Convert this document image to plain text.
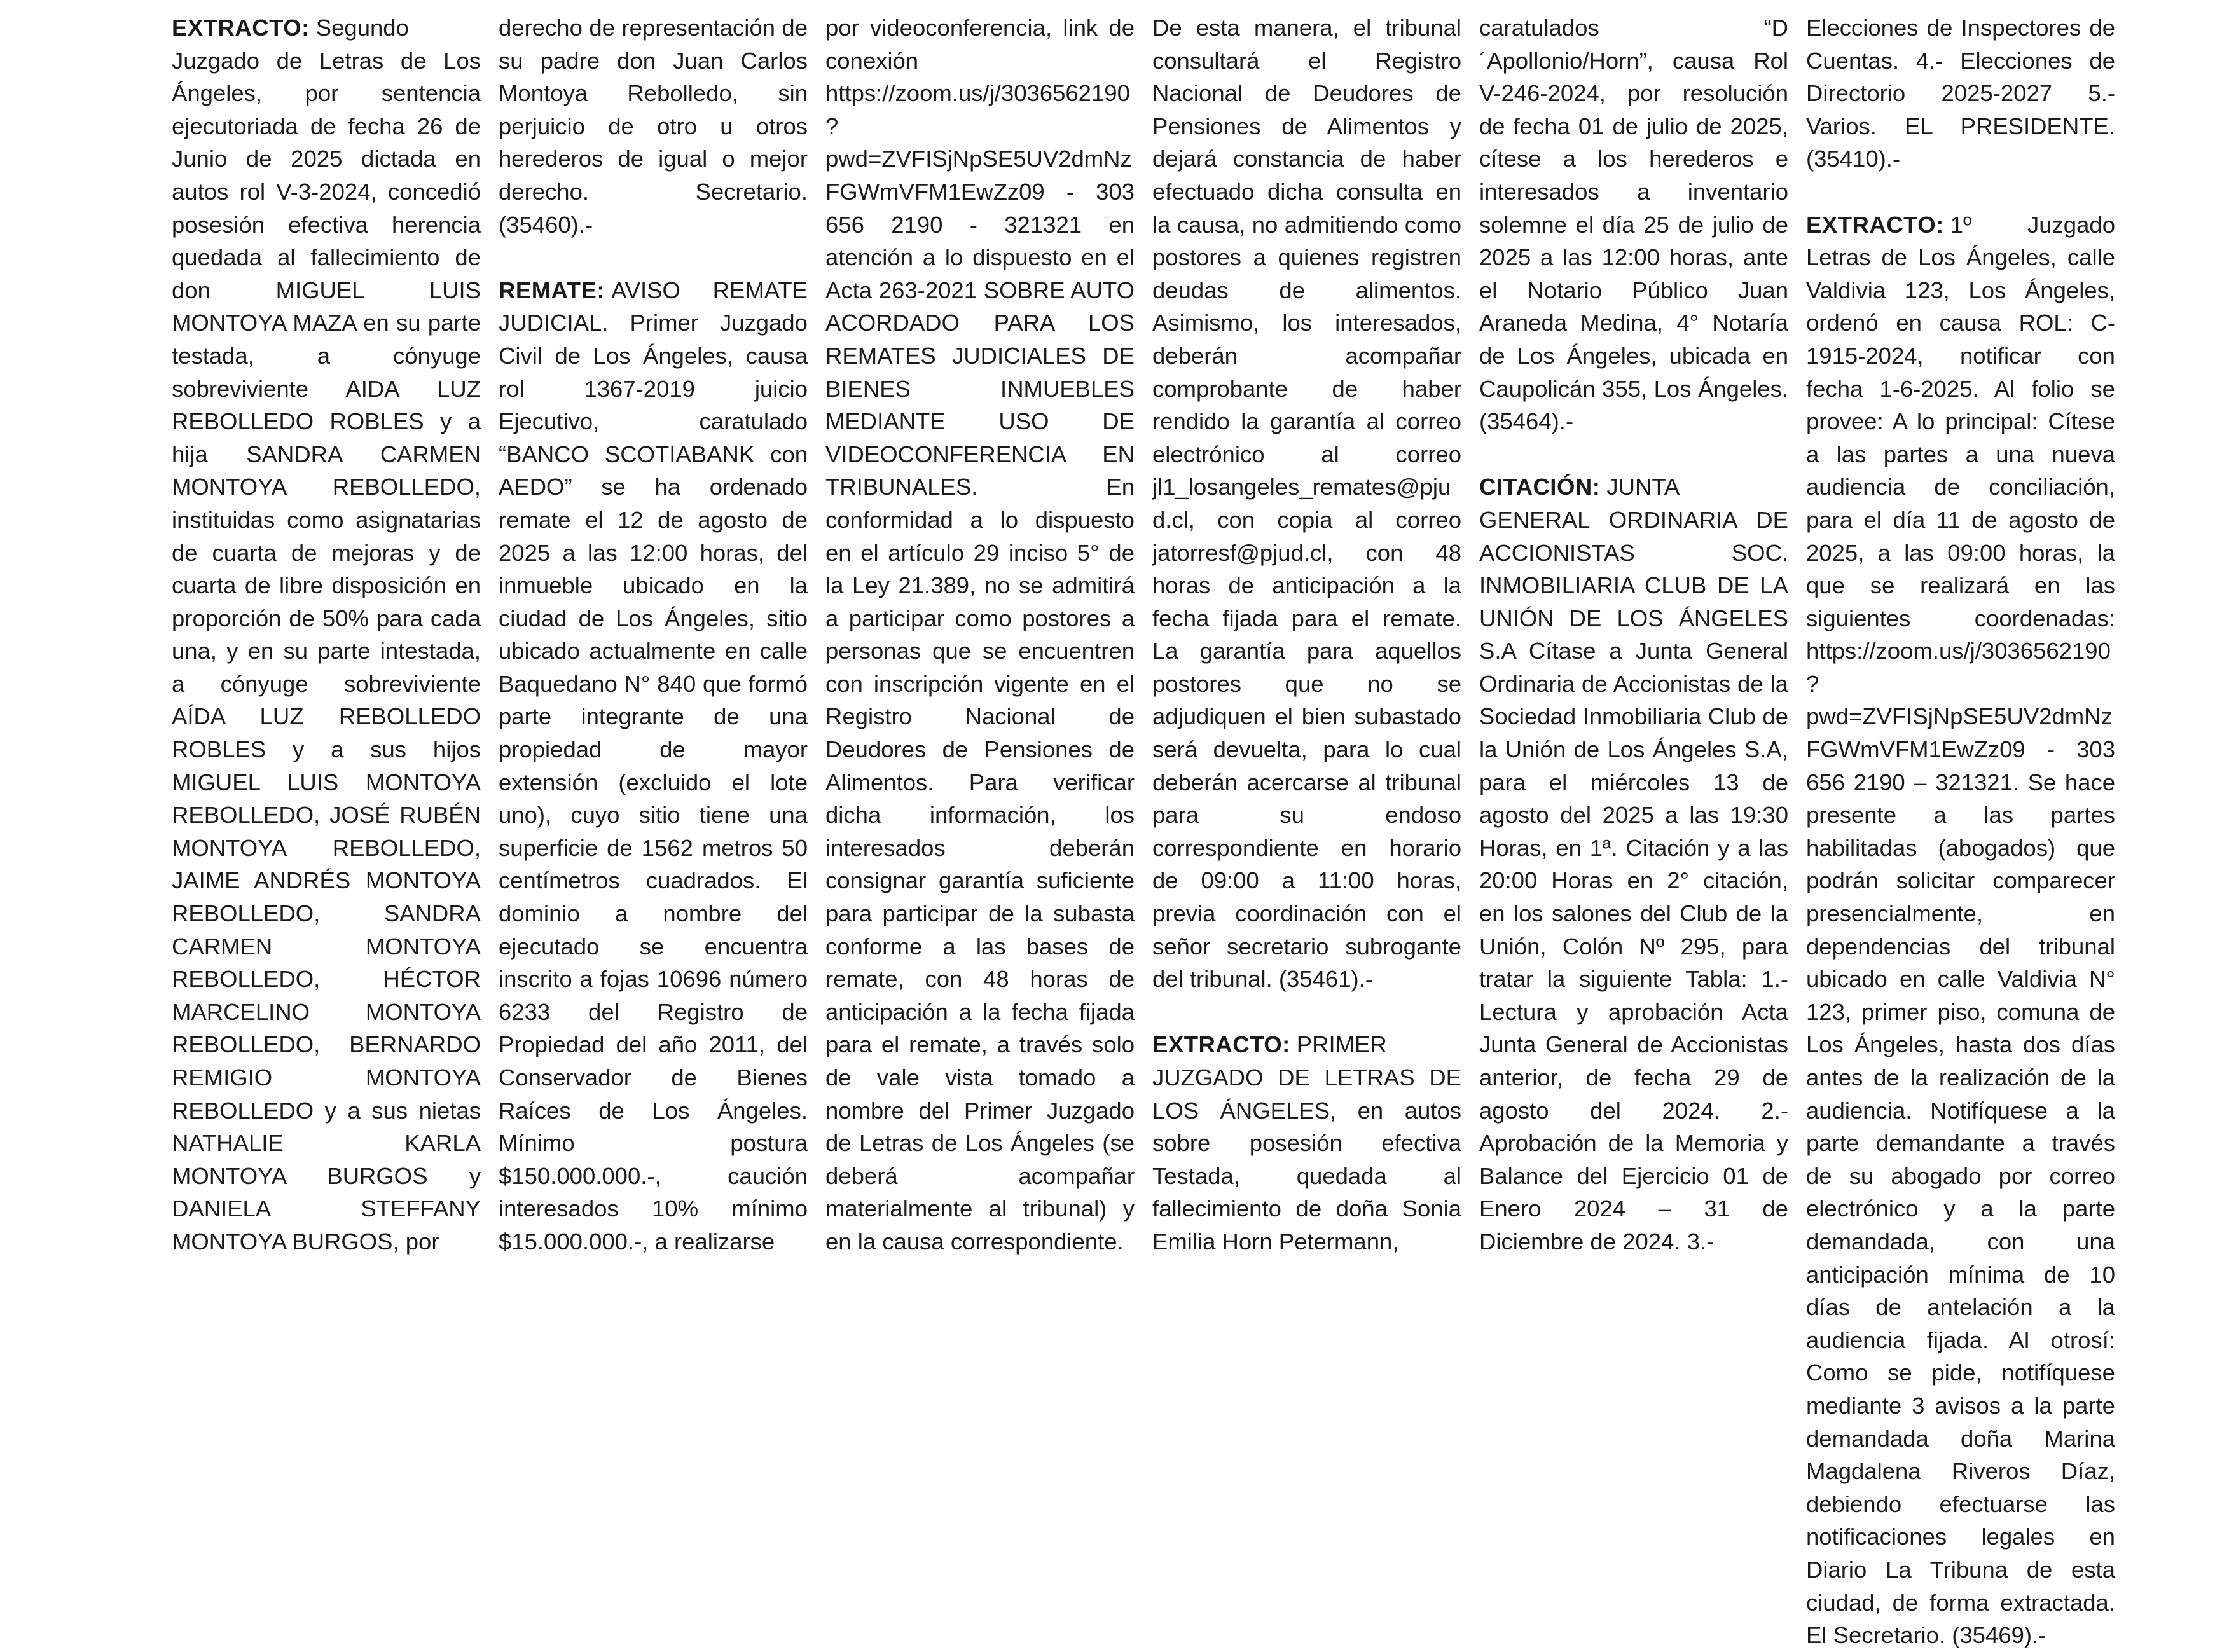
EXTRACTO: Segundo Juzgado de Letras de Los Ángeles, por sentencia ejecutoriada de fecha 26 de Junio de 2025 dictada en autos rol V-3-2024, concedió posesión efectiva herencia quedada al fallecimiento de don MIGUEL LUIS MONTOYA MAZA en su parte testada, a cónyuge sobreviviente AIDA LUZ REBOLLEDO ROBLES y a hija SANDRA CARMEN MONTOYA REBOLLEDO, instituidas como asignatarias de cuarta de mejoras y de cuarta de libre disposición en proporción de 50% para cada una, y en su parte intestada, a cónyuge sobreviviente AÍDA LUZ REBOLLEDO ROBLES y a sus hijos MIGUEL LUIS MONTOYA REBOLLEDO, JOSÉ RUBÉN MONTOYA REBOLLEDO, JAIME ANDRÉS MONTOYA REBOLLEDO, SANDRA CARMEN MONTOYA REBOLLEDO, HÉCTOR MARCELINO MONTOYA REBOLLEDO, BERNARDO REMIGIO MONTOYA REBOLLEDO y a sus nietas NATHALIE KARLA MONTOYA BURGOS y DANIELA STEFFANY MONTOYA BURGOS, por

derecho de representación de su padre don Juan Carlos Montoya Rebolledo, sin perjuicio de otro u otros herederos de igual o mejor derecho. Secretario. (35460).-

REMATE: AVISO REMATE JUDICIAL. Primer Juzgado Civil de Los Ángeles, causa rol 1367-2019 juicio Ejecutivo, caratulado “BANCO SCOTIABANK con AEDO” se ha ordenado remate el 12 de agosto de 2025 a las 12:00 horas, del inmueble ubicado en la ciudad de Los Ángeles, sitio ubicado actualmente en calle Baquedano N° 840 que formó parte integrante de una propiedad de mayor extensión (excluido el lote uno), cuyo sitio tiene una superficie de 1562 metros 50 centímetros cuadrados. El dominio a nombre del ejecutado se encuentra inscrito a fojas 10696 número 6233 del Registro de Propiedad del año 2011, del Conservador de Bienes Raíces de Los Ángeles. Mínimo postura $150.000.000.-, caución interesados 10% mínimo $15.000.000.-, a realizarse

por videoconferencia, link de conexión https://zoom.us/j/3036562190?pwd=ZVFISjNpSE5UV2dmNzFGWmVFM1EwZz09 - 303 656 2190 - 321321 en atención a lo dispuesto en el Acta 263-2021 SOBRE AUTO ACORDADO PARA LOS REMATES JUDICIALES DE BIENES INMUEBLES MEDIANTE USO DE VIDEOCONFERENCIA EN TRIBUNALES. En conformidad a lo dispuesto en el artículo 29 inciso 5° de la Ley 21.389, no se admitirá a participar como postores a personas que se encuentren con inscripción vigente en el Registro Nacional de Deudores de Pensiones de Alimentos. Para verificar dicha información, los interesados deberán consignar garantía suficiente para participar de la subasta conforme a las bases de remate, con 48 horas de anticipación a la fecha fijada para el remate, a través solo de vale vista tomado a nombre del Primer Juzgado de Letras de Los Ángeles (se deberá acompañar materialmente al tribunal) y en la causa correspondiente.

De esta manera, el tribunal consultará el Registro Nacional de Deudores de Pensiones de Alimentos y dejará constancia de haber efectuado dicha consulta en la causa, no admitiendo como postores a quienes registren deudas de alimentos. Asimismo, los interesados, deberán acompañar comprobante de haber rendido la garantía al correo electrónico al correo jl1_losangeles_remates@pjud.cl, con copia al correo jatorresf@pjud.cl, con 48 horas de anticipación a la fecha fijada para el remate. La garantía para aquellos postores que no se adjudiquen el bien subastado será devuelta, para lo cual deberán acercarse al tribunal para su endoso correspondiente en horario de 09:00 a 11:00 horas, previa coordinación con el señor secretario subrogante del tribunal. (35461).-

EXTRACTO: PRIMER JUZGADO DE LETRAS DE LOS ÁNGELES, en autos sobre posesión efectiva Testada, quedada al fallecimiento de doña Sonia Emilia Horn Petermann,

caratulados “D´Apollonio/Horn”, causa Rol V-246-2024, por resolución de fecha 01 de julio de 2025, cítese a los herederos e interesados a inventario solemne el día 25 de julio de 2025 a las 12:00 horas, ante el Notario Público Juan Araneda Medina, 4° Notaría de Los Ángeles, ubicada en Caupolicán 355, Los Ángeles. (35464).-

CITACIÓN: JUNTA GENERAL ORDINARIA DE ACCIONISTAS SOC. INMOBILIARIA CLUB DE LA UNIÓN DE LOS ÁNGELES S.A Cítase a Junta General Ordinaria de Accionistas de la Sociedad Inmobiliaria Club de la Unión de Los Ángeles S.A, para el miércoles 13 de agosto del 2025 a las 19:30 Horas, en 1ª. Citación y a las 20:00 Horas en 2° citación, en los salones del Club de la Unión, Colón Nº 295, para tratar la siguiente Tabla: 1.- Lectura y aprobación Acta Junta General de Accionistas anterior, de fecha 29 de agosto del 2024. 2.- Aprobación de la Memoria y Balance del Ejercicio 01 de Enero 2024 – 31 de Diciembre de 2024. 3.-

Elecciones de Inspectores de Cuentas. 4.- Elecciones de Directorio 2025-2027 5.- Varios. EL PRESIDENTE. (35410).-

EXTRACTO: 1º Juzgado Letras de Los Ángeles, calle Valdivia 123, Los Ángeles, ordenó en causa ROL: C-1915-2024, notificar con fecha 1-6-2025. Al folio se provee: A lo principal: Cítese a las partes a una nueva audiencia de conciliación, para el día 11 de agosto de 2025, a las 09:00 horas, la que se realizará en las siguientes coordenadas: https://zoom.us/j/3036562190?pwd=ZVFISjNpSE5UV2dmNzFGWmVFM1EwZz09 - 303 656 2190 – 321321. Se hace presente a las partes habilitadas (abogados) que podrán solicitar comparecer presencialmente, en dependencias del tribunal ubicado en calle Valdivia N° 123, primer piso, comuna de Los Ángeles, hasta dos días antes de la realización de la audiencia. Notifíquese a la parte demandante a través de su abogado por correo electrónico y a la parte demandada, con una anticipación mínima de 10 días de antelación a la audiencia fijada. Al otrosí: Como se pide, notifíquese mediante 3 avisos a la parte demandada doña Marina Magdalena Riveros Díaz, debiendo efectuarse las notificaciones legales en Diario La Tribuna de esta ciudad, de forma extractada. El Secretario. (35469).-
